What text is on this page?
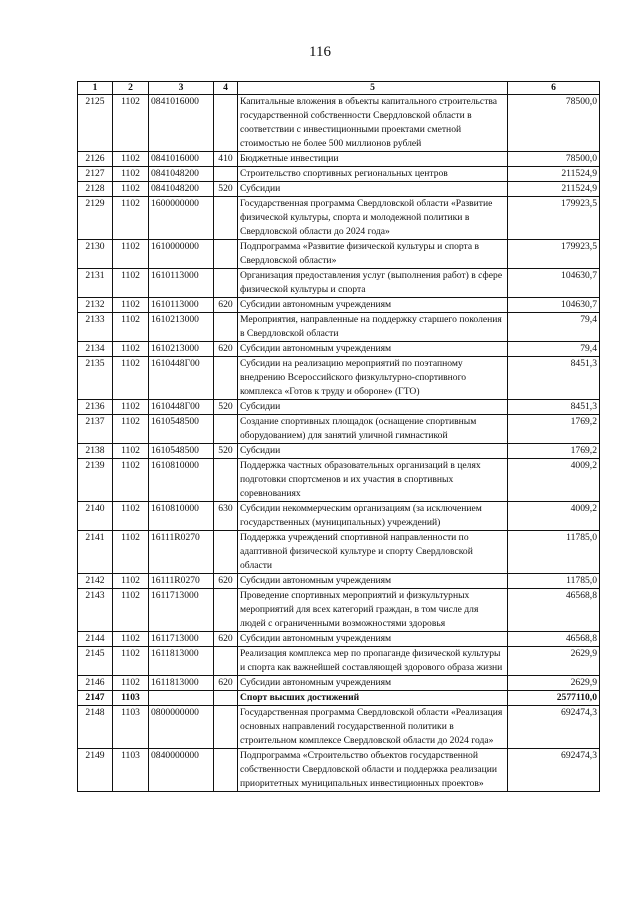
116
1	2	3	4	5	6
2125	1102	0841016000		Капитальные вложения в объекты капитального строительства государственной собственности Свердловской области в соответствии с инвестиционными проектами сметной стоимостью не более 500 миллионов рублей	78500,0
2126	1102	0841016000	410	Бюджетные инвестиции	78500,0
2127	1102	0841048200		Строительство спортивных региональных центров	211524,9
2128	1102	0841048200	520	Субсидии	211524,9
2129	1102	1600000000		Государственная программа Свердловской области «Развитие физической культуры, спорта и молодежной политики в Свердловской области до 2024 года»	179923,5
2130	1102	1610000000		Подпрограмма «Развитие физической культуры и спорта в Свердловской области»	179923,5
2131	1102	1610113000		Организация предоставления услуг (выполнения работ) в сфере физической культуры и спорта	104630,7
2132	1102	1610113000	620	Субсидии автономным учреждениям	104630,7
2133	1102	1610213000		Мероприятия, направленные на поддержку старшего поколения в Свердловской области	79,4
2134	1102	1610213000	620	Субсидии автономным учреждениям	79,4
2135	1102	1610448Г00		Субсидии на реализацию мероприятий по поэтапному внедрению Всероссийского физкультурно-спортивного комплекса «Готов к труду и обороне» (ГТО)	8451,3
2136	1102	1610448Г00	520	Субсидии	8451,3
2137	1102	1610548500		Создание спортивных площадок (оснащение спортивным оборудованием) для занятий уличной гимнастикой	1769,2
2138	1102	1610548500	520	Субсидии	1769,2
2139	1102	1610810000		Поддержка частных образовательных организаций в целях подготовки спортсменов и их участия в спортивных соревнованиях	4009,2
2140	1102	1610810000	630	Субсидии некоммерческим организациям (за исключением государственных (муниципальных) учреждений)	4009,2
2141	1102	16111R0270		Поддержка учреждений спортивной направленности по адаптивной физической культуре и спорту Свердловской области	11785,0
2142	1102	16111R0270	620	Субсидии автономным учреждениям	11785,0
2143	1102	1611713000		Проведение спортивных мероприятий и физкультурных мероприятий для всех категорий граждан, в том числе для людей с ограниченными возможностями здоровья	46568,8
2144	1102	1611713000	620	Субсидии автономным учреждениям	46568,8
2145	1102	1611813000		Реализация комплекса мер по пропаганде физической культуры и спорта как важнейшей составляющей здорового образа жизни	2629,9
2146	1102	1611813000	620	Субсидии автономным учреждениям	2629,9
2147	1103			Спорт высших достижений	2577110,0
2148	1103	0800000000		Государственная программа Свердловской области «Реализация основных направлений государственной политики в строительном комплексе Свердловской области до 2024 года»	692474,3
2149	1103	0840000000		Подпрограмма «Строительство объектов государственной собственности Свердловской области и поддержка реализации приоритетных муниципальных инвестиционных проектов»	692474,3
